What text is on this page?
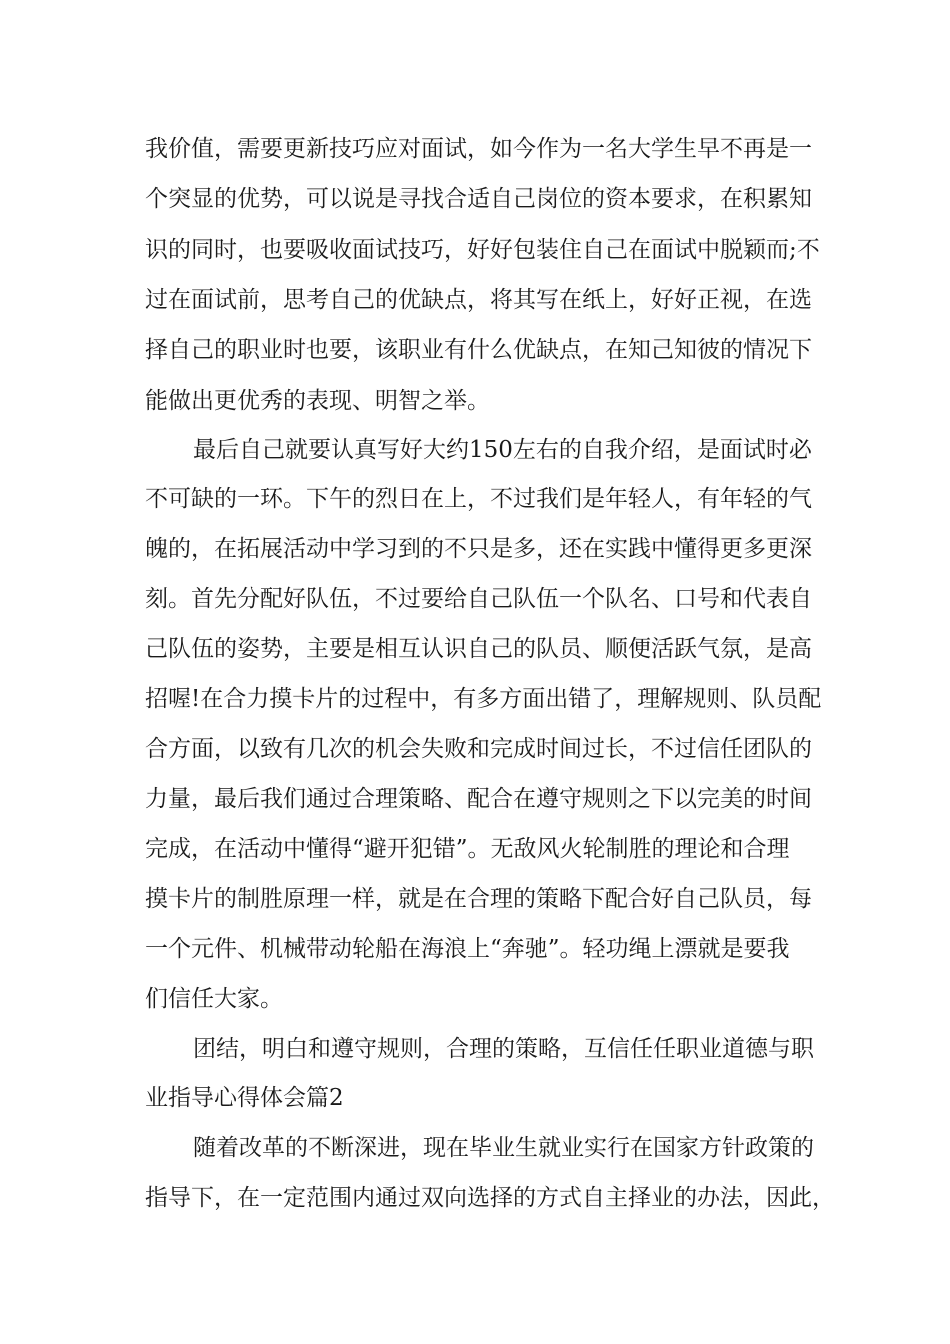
我价值，需要更新技巧应对面试，如今作为一名大学生早不再是一
个突显的优势，可以说是寻找合适自己岗位的资本要求，在积累知
识的同时，也要吸收面试技巧，好好包装住自己在面试中脱颖而;不
过在面试前，思考自己的优缺点，将其写在纸上，好好正视，在选
择自己的职业时也要，该职业有什么优缺点，在知己知彼的情况下
能做出更优秀的表现、明智之举。
最后自己就要认真写好大约150左右的自我介绍，是面试时必
不可缺的一环。下午的烈日在上，不过我们是年轻人，有年轻的气
魄的，在拓展活动中学习到的不只是多，还在实践中懂得更多更深
刻。首先分配好队伍，不过要给自己队伍一个队名、口号和代表自
己队伍的姿势，主要是相互认识自己的队员、顺便活跃气氛，是高
招喔!在合力摸卡片的过程中，有多方面出错了，理解规则、队员配
合方面，以致有几次的机会失败和完成时间过长，不过信任团队的
力量，最后我们通过合理策略、配合在遵守规则之下以完美的时间
完成，在活动中懂得“避开犯错”。无敌风火轮制胜的理论和合理
摸卡片的制胜原理一样，就是在合理的策略下配合好自己队员，每
一个元件、机械带动轮船在海浪上“奔驰”。轻功绳上漂就是要我
们信任大家。
团结，明白和遵守规则，合理的策略，互信任任职业道德与职
业指导心得体会篇2
随着改革的不断深进，现在毕业生就业实行在国家方针政策的
指导下，在一定范围内通过双向选择的方式自主择业的办法，因此，
